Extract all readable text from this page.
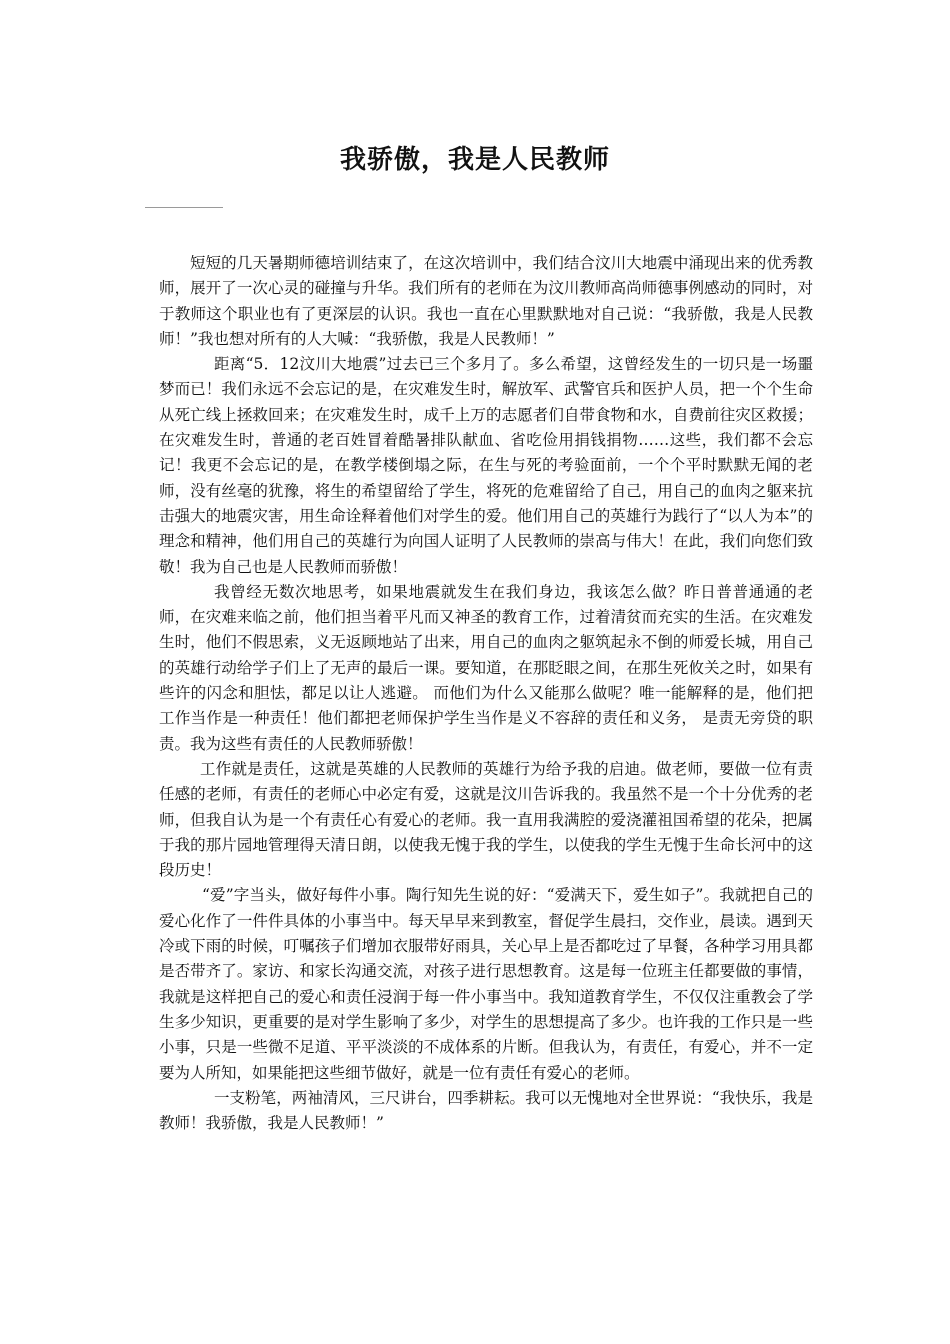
我骄傲，我是人民教师

短短的几天暑期师德培训结束了，在这次培训中，我们结合汶川大地震中涌现出来的优秀教师，展开了一次心灵的碰撞与升华。我们所有的老师在为汶川教师高尚师德事例感动的同时，对于教师这个职业也有了更深层的认识。我也一直在心里默默地对自己说：“我骄傲，我是人民教师！”我也想对所有的人大喊：“我骄傲，我是人民教师！”

距离“5．12汶川大地震”过去已三个多月了。多么希望，这曾经发生的一切只是一场噩梦而已！我们永远不会忘记的是，在灾难发生时，解放军、武警官兵和医护人员，把一个个生命从死亡线上拯救回来；在灾难发生时，成千上万的志愿者们自带食物和水，自费前往灾区救援；在灾难发生时，普通的老百姓冒着酷暑排队献血、省吃俭用捐钱捐物……这些，我们都不会忘记！我更不会忘记的是，在教学楼倒塌之际，在生与死的考验面前，一个个平时默默无闻的老师，没有丝毫的犹豫，将生的希望留给了学生，将死的危难留给了自己，用自己的血肉之躯来抗击强大的地震灾害，用生命诠释着他们对学生的爱。他们用自己的英雄行为践行了“以人为本”的理念和精神，他们用自己的英雄行为向国人证明了人民教师的崇高与伟大！在此，我们向您们致敬！我为自己也是人民教师而骄傲！

我曾经无数次地思考，如果地震就发生在我们身边，我该怎么做？昨日普普通通的老师，在灾难来临之前，他们担当着平凡而又神圣的教育工作，过着清贫而充实的生活。在灾难发生时，他们不假思索，义无返顾地站了出来，用自己的血肉之躯筑起永不倒的师爱长城，用自己的英雄行动给学子们上了无声的最后一课。要知道，在那眨眼之间，在那生死攸关之时，如果有些许的闪念和胆怯，都足以让人逃避。 而他们为什么又能那么做呢？唯一能解释的是，他们把工作当作是一种责任！他们都把老师保护学生当作是义不容辞的责任和义务， 是责无旁贷的职责。我为这些有责任的人民教师骄傲！

工作就是责任，这就是英雄的人民教师的英雄行为给予我的启迪。做老师，要做一位有责任感的老师，有责任的老师心中必定有爱，这就是汶川告诉我的。我虽然不是一个十分优秀的老师，但我自认为是一个有责任心有爱心的老师。我一直用我满腔的爱浇灌祖国希望的花朵，把属于我的那片园地管理得天清日朗，以使我无愧于我的学生，以使我的学生无愧于生命长河中的这段历史！

“爱”字当头，做好每件小事。陶行知先生说的好：“爱满天下，爱生如子”。我就把自己的爱心化作了一件件具体的小事当中。每天早早来到教室，督促学生晨扫，交作业，晨读。遇到天冷或下雨的时候，叮嘱孩子们增加衣服带好雨具，关心早上是否都吃过了早餐，各种学习用具都是否带齐了。家访、和家长沟通交流，对孩子进行思想教育。这是每一位班主任都要做的事情，我就是这样把自己的爱心和责任浸润于每一件小事当中。我知道教育学生，不仅仅注重教会了学生多少知识，更重要的是对学生影响了多少，对学生的思想提高了多少。也许我的工作只是一些小事，只是一些微不足道、平平淡淡的不成体系的片断。但我认为，有责任，有爱心，并不一定要为人所知，如果能把这些细节做好，就是一位有责任有爱心的老师。

一支粉笔，两袖清风，三尺讲台，四季耕耘。我可以无愧地对全世界说：“我快乐，我是教师！我骄傲，我是人民教师！”
